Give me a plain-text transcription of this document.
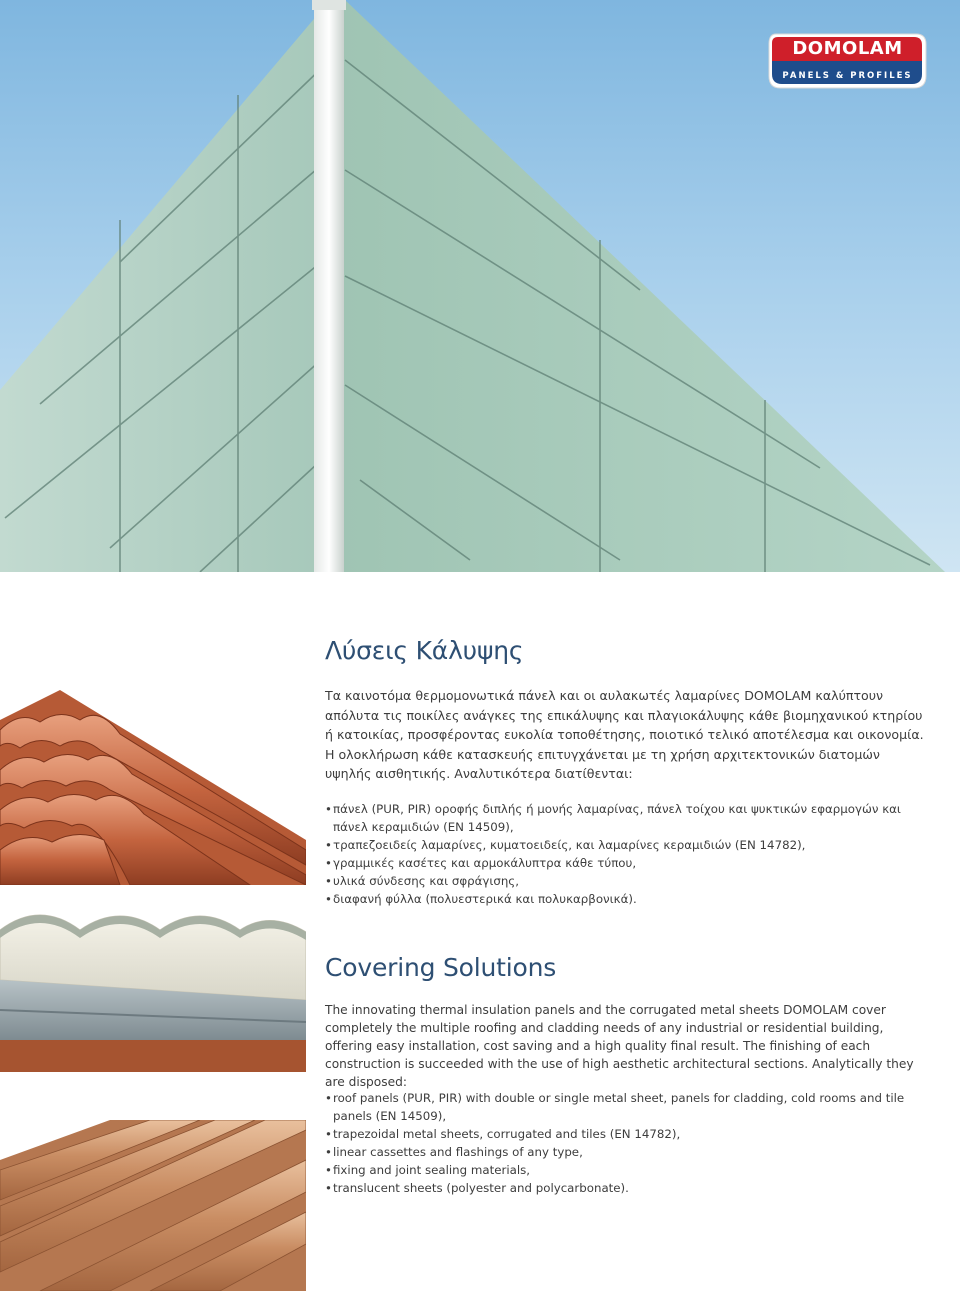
DOMOLAM
PANELS & PROFILES
Λύσεις Κάλυψης

Τα καινοτόμα θερμομονωτικά πάνελ και οι αυλακωτές λαμαρίνες DOMOLAM καλύπτουν απόλυτα τις ποικίλες ανάγκες της επικάλυψης και πλαγιοκάλυψης κάθε βιομηχανικού κτηρίου ή κατοικίας, προσφέροντας ευκολία τοποθέτησης, ποιοτικό τελικό αποτέλεσμα και οικονομία. Η ολοκλήρωση κάθε κατασκευής επιτυγχάνεται με τη χρήση αρχιτεκτονικών διατομών υψηλής αισθητικής. Αναλυτικότερα διατίθενται:

• πάνελ (PUR, PIR) οροφής διπλής ή μονής λαμαρίνας, πάνελ τοίχου και ψυκτικών εφαρμογών και πάνελ κεραμιδιών (EN 14509),
• τραπεζοειδείς λαμαρίνες, κυματοειδείς, και λαμαρίνες κεραμιδιών (EN 14782),
• γραμμικές κασέτες και αρμοκάλυπτρα κάθε τύπου,
• υλικά σύνδεσης και σφράγισης,
• διαφανή φύλλα (πολυεστερικά και πολυκαρβονικά).
Covering Solutions

The innovating thermal insulation panels and the corrugated metal sheets DOMOLAM cover completely the multiple roofing and cladding needs of any industrial or residential building, offering easy installation, cost saving and a high quality final result. The finishing of each construction is succeeded with the use of high aesthetic architectural sections. Analytically they are disposed:

• roof panels (PUR, PIR) with double or single metal sheet, panels for cladding, cold rooms and tile panels (EN 14509),
• trapezoidal metal sheets, corrugated and tiles (EN 14782),
• linear cassettes and flashings of any type,
• fixing and joint sealing materials,
• translucent sheets (polyester and polycarbonate).
